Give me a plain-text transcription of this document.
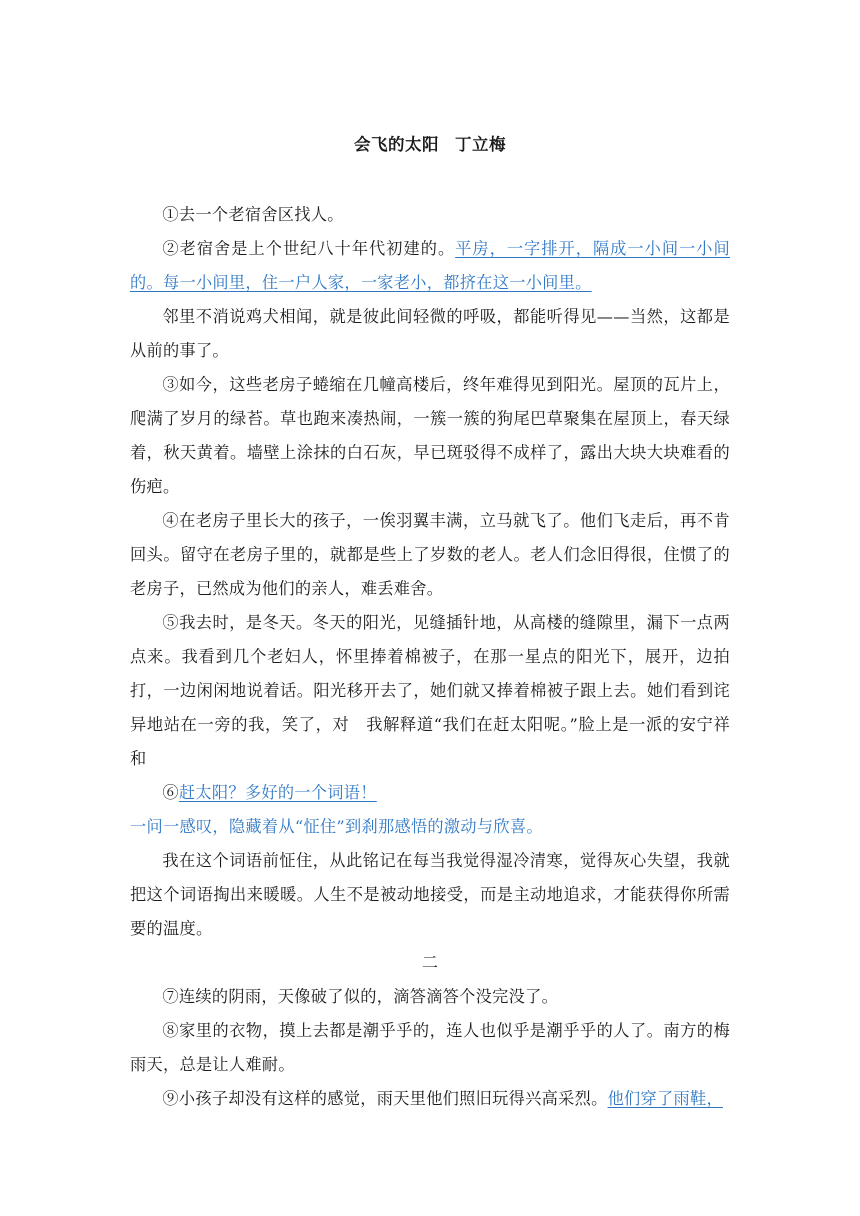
会飞的太阳 丁立梅

①去一个老宿舍区找人。

②老宿舍是上个世纪八十年代初建的。平房，一字排开，隔成一小间一小间的。每一小间里，住一户人家，一家老小，都挤在这一小间里。

邻里不消说鸡犬相闻，就是彼此间轻微的呼吸，都能听得见——当然，这都是从前的事了。

③如今，这些老房子蜷缩在几幢高楼后，终年难得见到阳光。屋顶的瓦片上，爬满了岁月的绿苔。草也跑来凑热闹，一簇一簇的狗尾巴草聚集在屋顶上，春天绿着，秋天黄着。墙壁上涂抹的白石灰，早已斑驳得不成样了，露出大块大块难看的伤疤。

④在老房子里长大的孩子，一俟羽翼丰满，立马就飞了。他们飞走后，再不肯回头。留守在老房子里的，就都是些上了岁数的老人。老人们念旧得很，住惯了的老房子，已然成为他们的亲人，难丢难舍。

⑤我去时，是冬天。冬天的阳光，见缝插针地，从高楼的缝隙里，漏下一点两点来。我看到几个老妇人，怀里捧着棉被子，在那一星点的阳光下，展开，边拍打，一边闲闲地说着话。阳光移开去了，她们就又捧着棉被子跟上去。她们看到诧异地站在一旁的我，笑了，对　我解释道“我们在赶太阳呢。”脸上是一派的安宁祥和

⑥赶太阳？多好的一个词语！

一问一感叹，隐藏着从“怔住”到刹那感悟的激动与欣喜。

我在这个词语前怔住，从此铭记在每当我觉得湿冷清寒，觉得灰心失望，我就把这个词语掏出来暖暖。人生不是被动地接受，而是主动地追求，才能获得你所需要的温度。

二

⑦连续的阴雨，天像破了似的，滴答滴答个没完没了。

⑧家里的衣物，摸上去都是潮乎乎的，连人也似乎是潮乎乎的人了。南方的梅雨天，总是让人难耐。

⑨小孩子却没有这样的感觉，雨天里他们照旧玩得兴高采烈。他们穿了雨鞋，
